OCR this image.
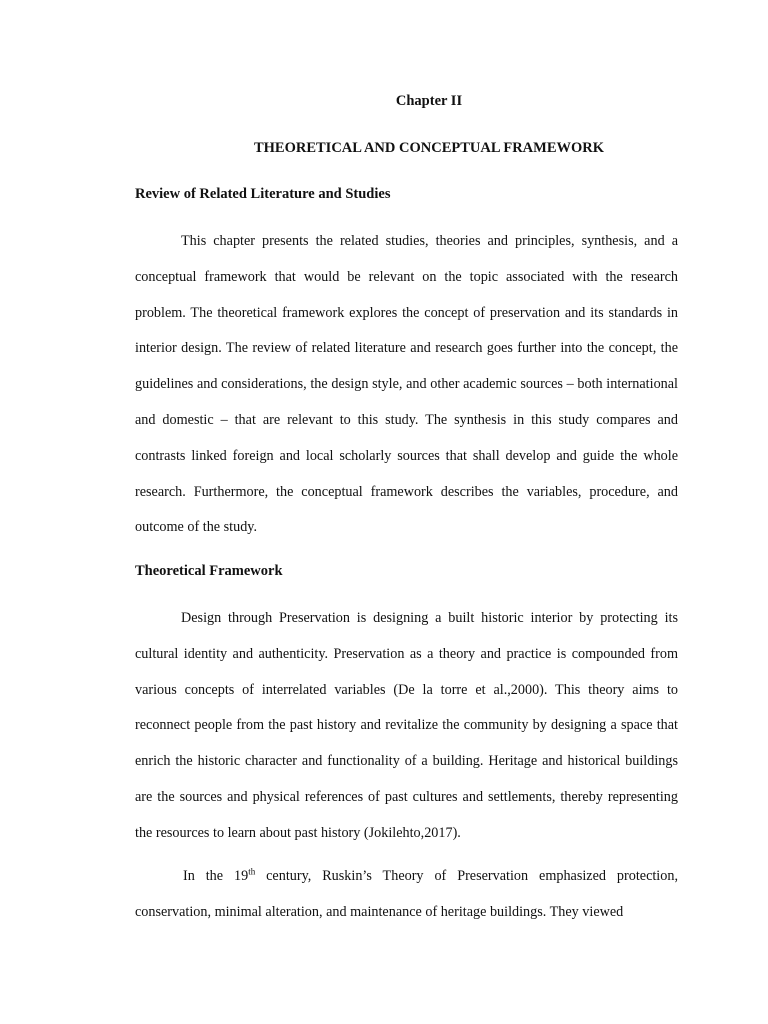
Chapter II
THEORETICAL AND CONCEPTUAL FRAMEWORK
Review of Related Literature and Studies

This chapter presents the related studies, theories and principles, synthesis, and a conceptual framework that would be relevant on the topic associated with the research problem. The theoretical framework explores the concept of preservation and its standards in interior design. The review of related literature and research goes further into the concept, the guidelines and considerations, the design style, and other academic sources – both international and domestic – that are relevant to this study. The synthesis in this study compares and contrasts linked foreign and local scholarly sources that shall develop and guide the whole research. Furthermore, the conceptual framework describes the variables, procedure, and outcome of the study.

Theoretical Framework

Design through Preservation is designing a built historic interior by protecting its cultural identity and authenticity. Preservation as a theory and practice is compounded from various concepts of interrelated variables (De la torre et al.,2000). This theory aims to reconnect people from the past history and revitalize the community by designing a space that enrich the historic character and functionality of a building. Heritage and historical buildings are the sources and physical references of past cultures and settlements, thereby representing the resources to learn about past history (Jokilehto,2017).

In the 19th century, Ruskin’s Theory of Preservation emphasized protection, conservation, minimal alteration, and maintenance of heritage buildings. They viewed
